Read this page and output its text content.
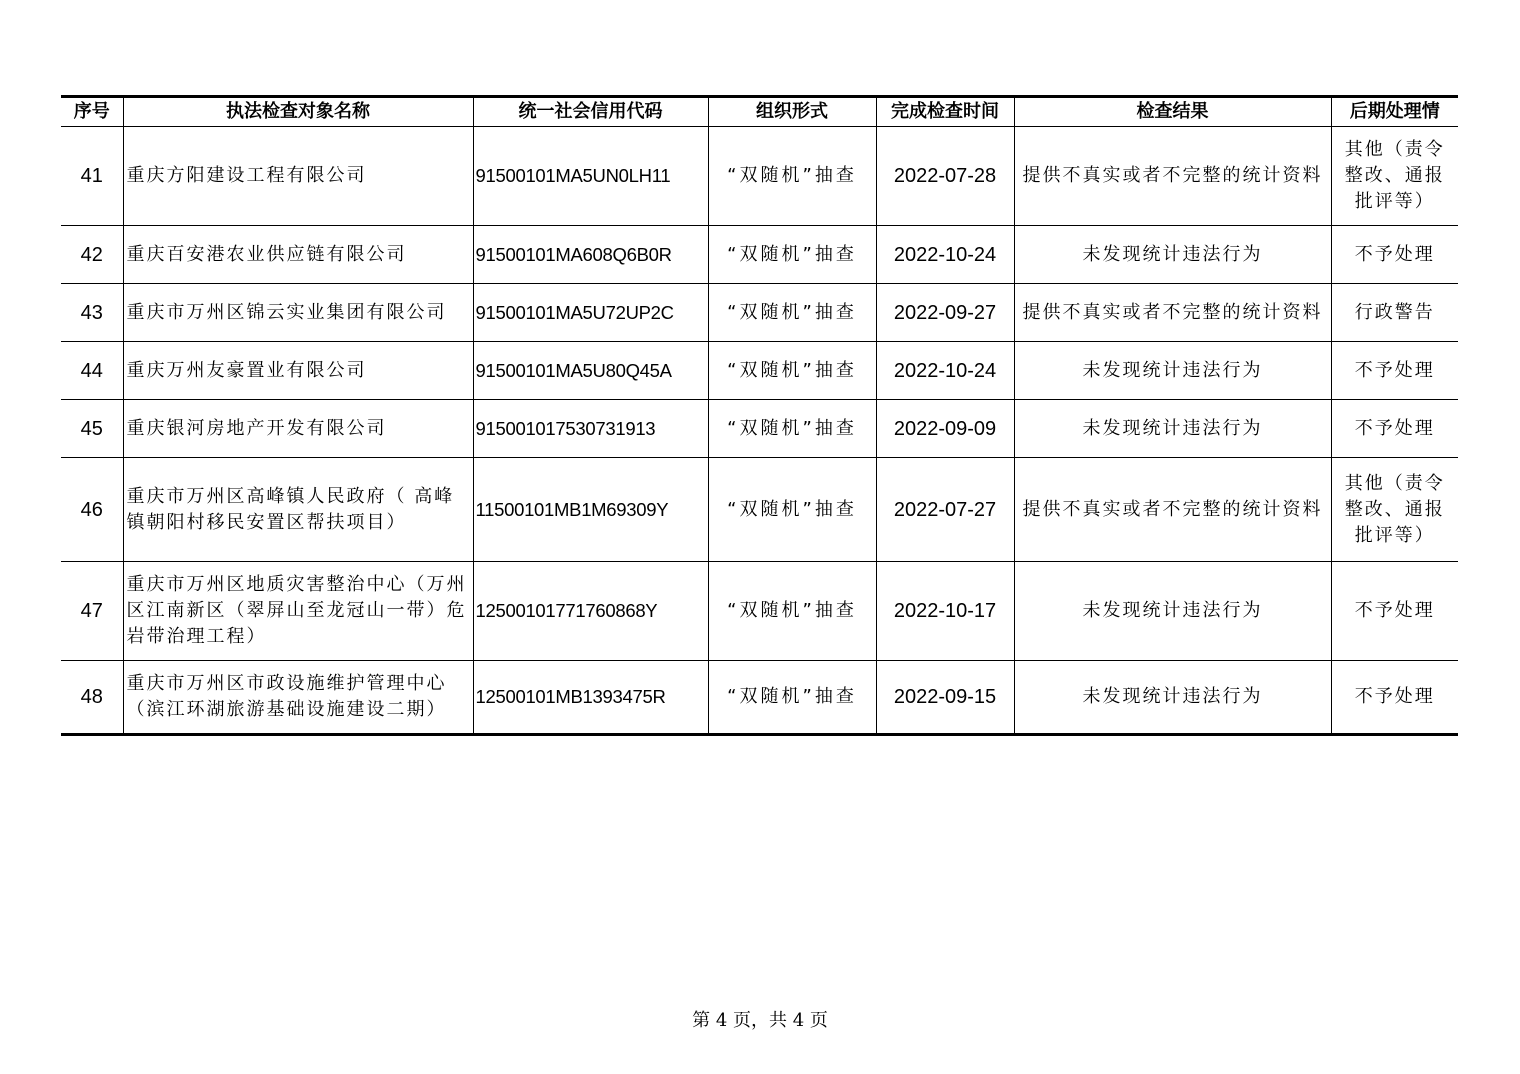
序号	执法检查对象名称	统一社会信用代码	组织形式	完成检查时间	检查结果	后期处理情
41	重庆方阳建设工程有限公司	91500101MA5UN0LH11	“双随机”抽查	2022-07-28	提供不真实或者不完整的统计资料	其他（责令整改、通报批评等）
42	重庆百安港农业供应链有限公司	91500101MA608Q6B0R	“双随机”抽查	2022-10-24	未发现统计违法行为	不予处理
43	重庆市万州区锦云实业集团有限公司	91500101MA5U72UP2C	“双随机”抽查	2022-09-27	提供不真实或者不完整的统计资料	行政警告
44	重庆万州友豪置业有限公司	91500101MA5U80Q45A	“双随机”抽查	2022-10-24	未发现统计违法行为	不予处理
45	重庆银河房地产开发有限公司	915001017530731913	“双随机”抽查	2022-09-09	未发现统计违法行为	不予处理
46	重庆市万州区高峰镇人民政府（ 高峰镇朝阳村移民安置区帮扶项目）	11500101MB1M69309Y	“双随机”抽查	2022-07-27	提供不真实或者不完整的统计资料	其他（责令整改、通报批评等）
47	重庆市万州区地质灾害整治中心（万州区江南新区（翠屏山至龙冠山一带）危岩带治理工程）	12500101771760868Y	“双随机”抽查	2022-10-17	未发现统计违法行为	不予处理
48	重庆市万州区市政设施维护管理中心（滨江环湖旅游基础设施建设二期）	12500101MB1393475R	“双随机”抽查	2022-09-15	未发现统计违法行为	不予处理
第 4 页，共 4 页
